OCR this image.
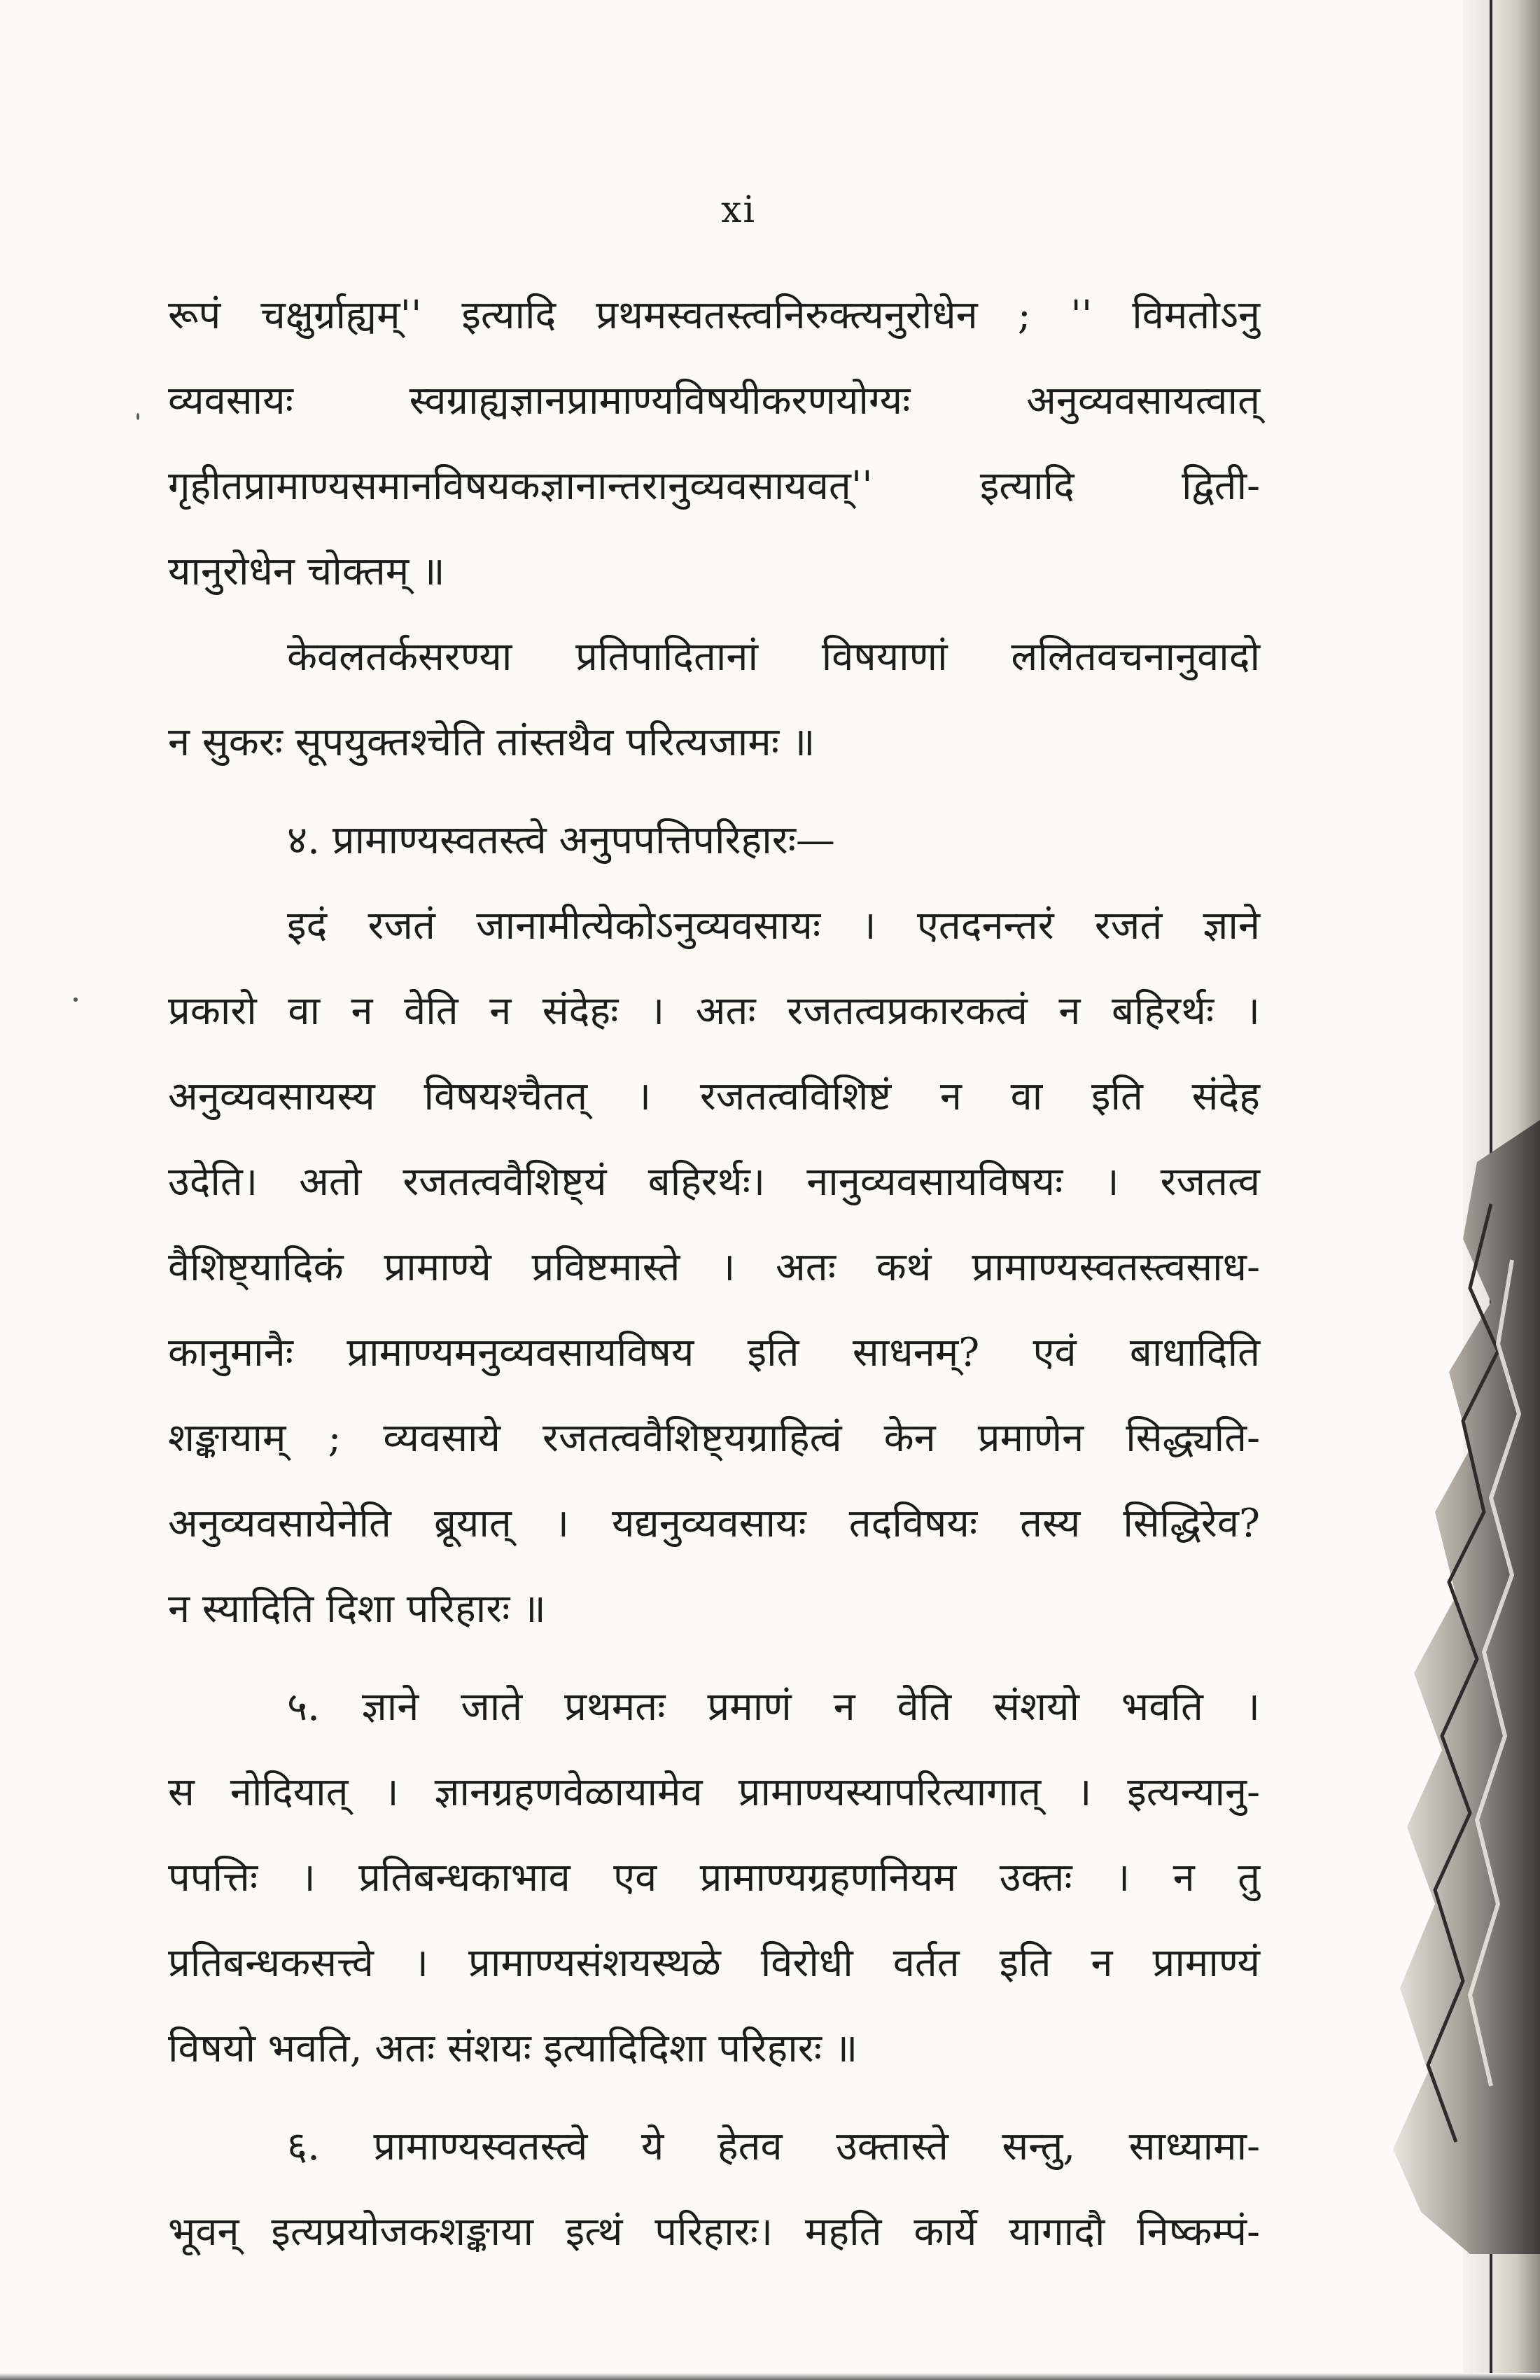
xi
रूपं चक्षुर्ग्राह्यम्'' इत्यादि प्रथमस्वतस्त्वनिरुक्त्यनुरोधेन ; '' विमतोऽनु
व्यवसायः स्वग्राह्यज्ञानप्रामाण्यविषयीकरणयोग्यः अनुव्यवसायत्वात्
गृहीतप्रामाण्यसमानविषयकज्ञानान्तरानुव्यवसायवत्'' इत्यादि द्विती-
यानुरोधेन चोक्तम् ॥
केवलतर्कसरण्या प्रतिपादितानां विषयाणां ललितवचनानुवादो
न सुकरः सूपयुक्तश्चेति तांस्तथैव परित्यजामः ॥
४. प्रामाण्यस्वतस्त्वे अनुपपत्तिपरिहारः—
इदं रजतं जानामीत्येकोऽनुव्यवसायः । एतदनन्तरं रजतं ज्ञाने
प्रकारो वा न वेति न संदेहः । अतः रजतत्वप्रकारकत्वं न बहिरर्थः ।
अनुव्यवसायस्य विषयश्चैतत् । रजतत्वविशिष्टं न वा इति संदेह
उदेति। अतो रजतत्ववैशिष्ट्यं बहिरर्थः। नानुव्यवसायविषयः । रजतत्व
वैशिष्ट्यादिकं प्रामाण्ये प्रविष्टमास्ते । अतः कथं प्रामाण्यस्वतस्त्वसाध-
कानुमानैः प्रामाण्यमनुव्यवसायविषय इति साधनम्? एवं बाधादिति
शङ्कायाम् ; व्यवसाये रजतत्ववैशिष्ट्यग्राहित्वं केन प्रमाणेन सिद्ध्यति-
अनुव्यवसायेनेति ब्रूयात् । यद्यनुव्यवसायः तदविषयः तस्य सिद्धिरेव?
न स्यादिति दिशा परिहारः ॥
५. ज्ञाने जाते प्रथमतः प्रमाणं न वेति संशयो भवति ।
स नोदियात् । ज्ञानग्रहणवेळायामेव प्रामाण्यस्यापरित्यागात् । इत्यन्यानु-
पपत्तिः । प्रतिबन्धकाभाव एव प्रामाण्यग्रहणनियम उक्तः । न तु
प्रतिबन्धकसत्त्वे । प्रामाण्यसंशयस्थळे विरोधी वर्तत इति न प्रामाण्यं
विषयो भवति, अतः संशयः इत्यादिदिशा परिहारः ॥
६. प्रामाण्यस्वतस्त्वे ये हेतव उक्तास्ते सन्तु, साध्यामा-
भूवन् इत्यप्रयोजकशङ्काया इत्थं परिहारः। महति कार्ये यागादौ निष्कम्पं-
